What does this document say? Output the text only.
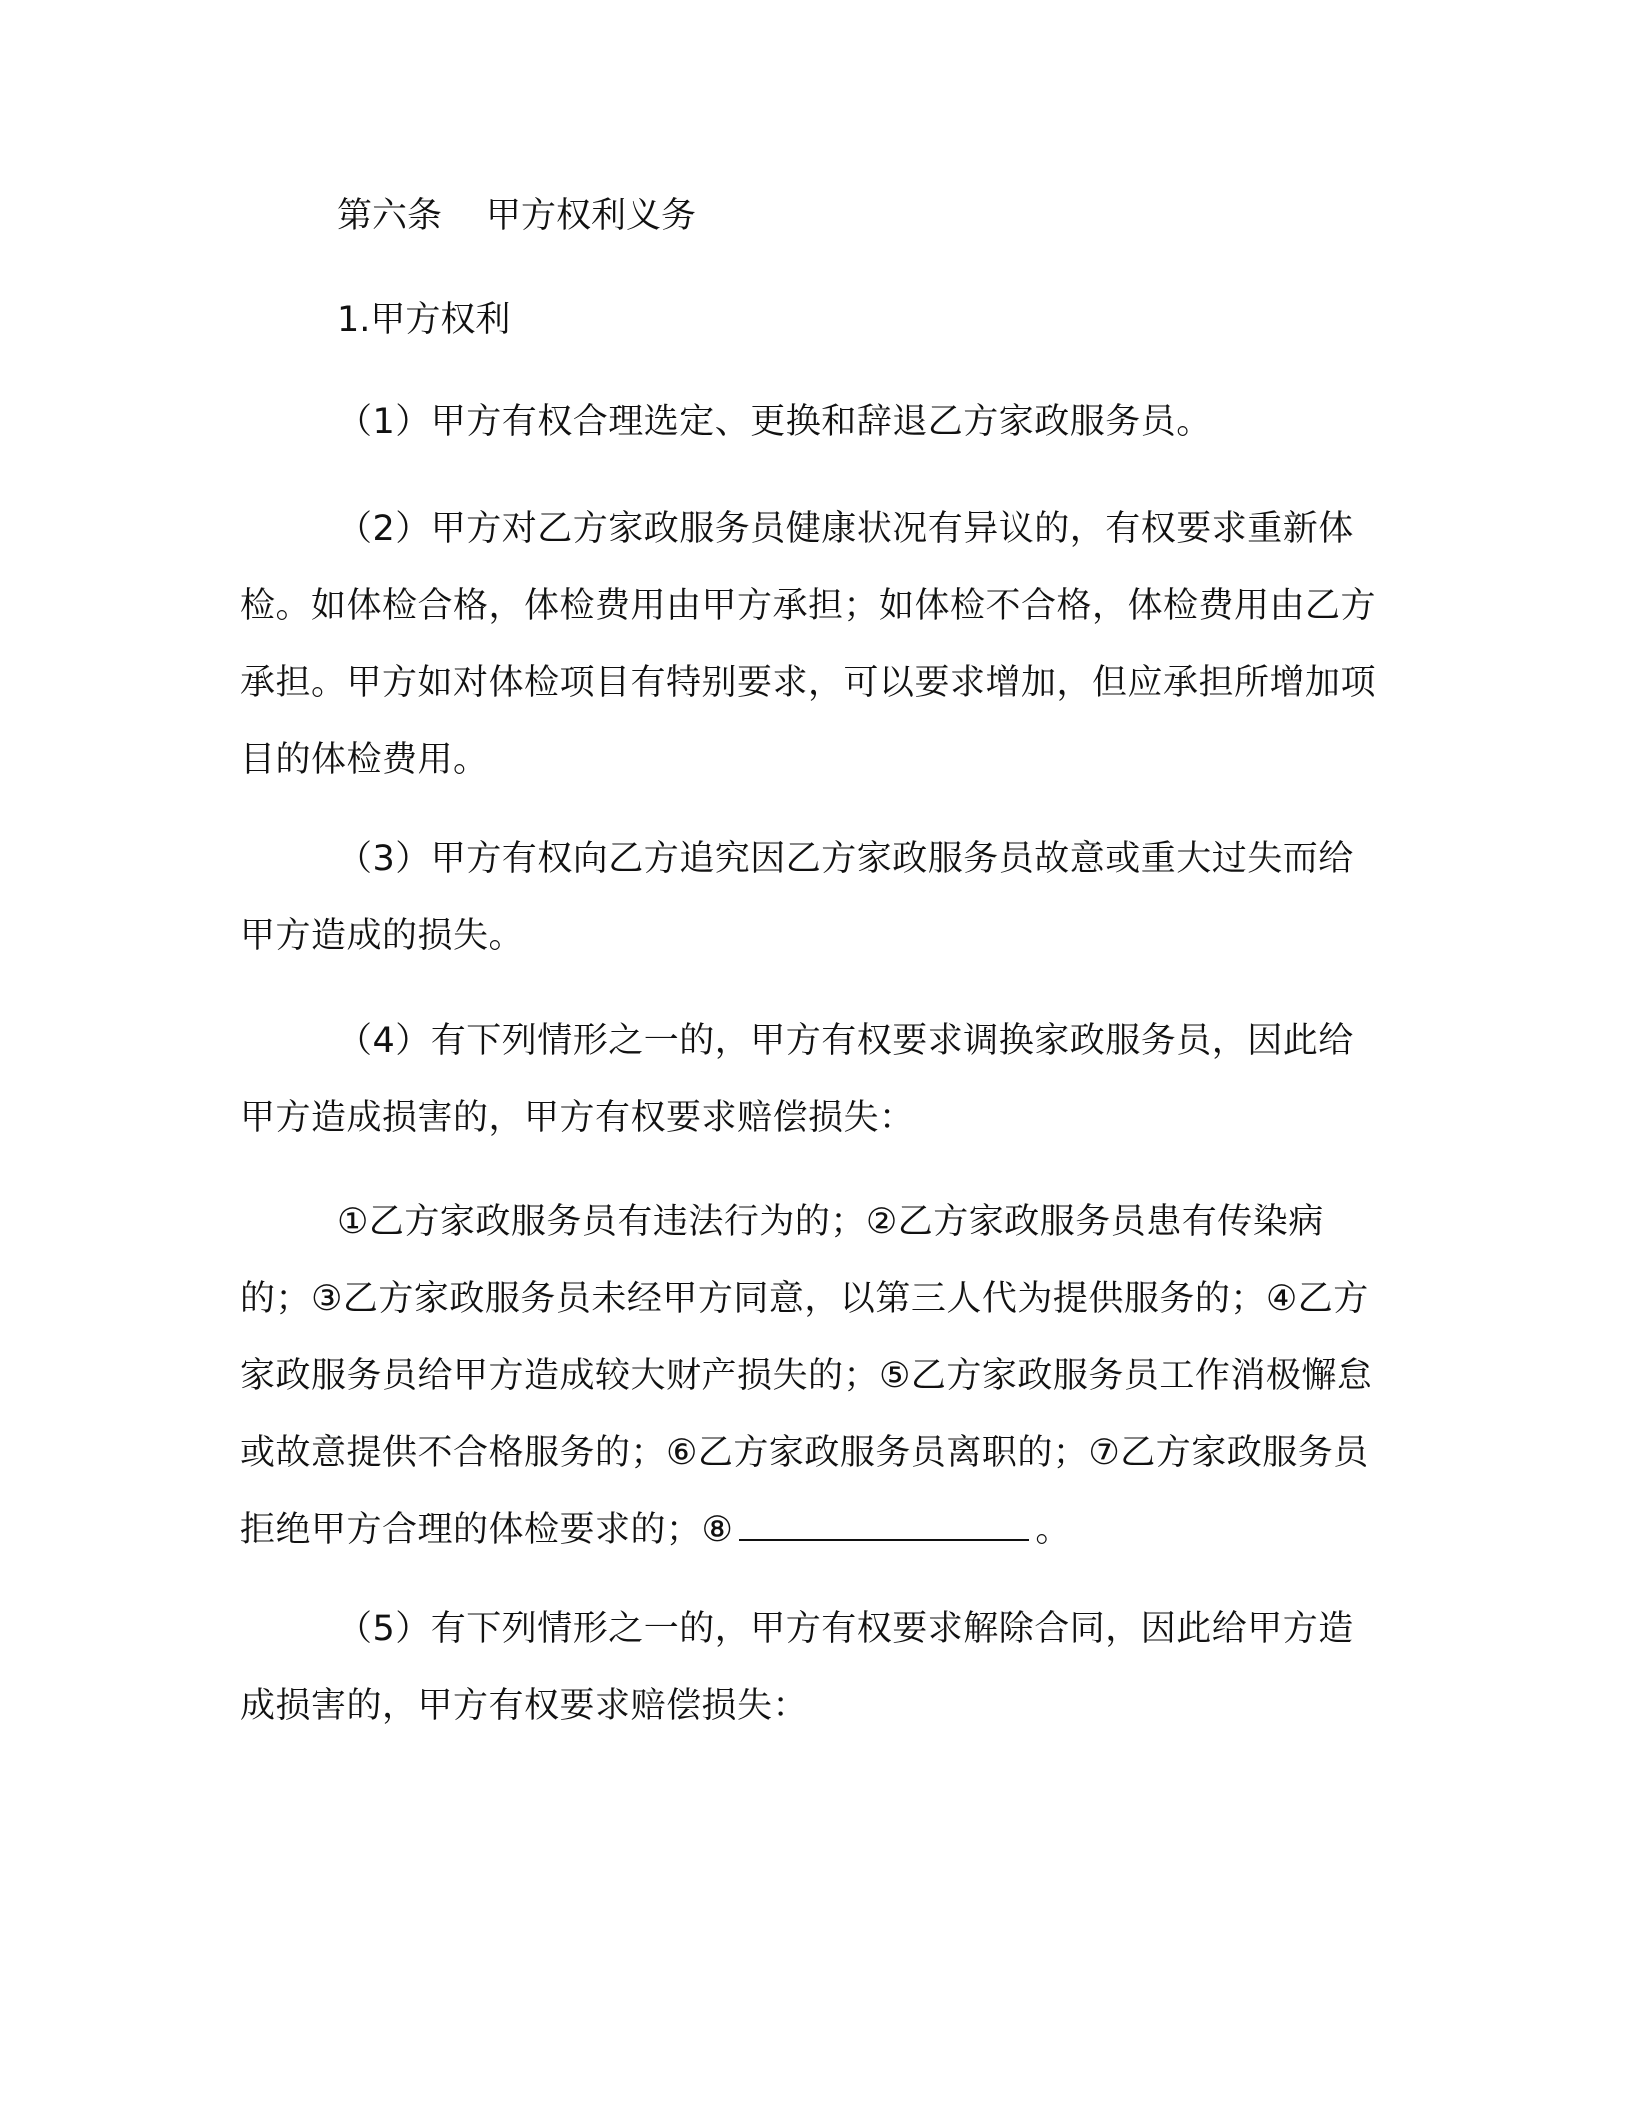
第六条 甲方权利义务
1.甲方权利
（1）甲方有权合理选定、更换和辞退乙方家政服务员。
（2）甲方对乙方家政服务员健康状况有异议的，有权要求重新体检。如体检合格，体检费用由甲方承担；如体检不合格，体检费用由乙方承担。甲方如对体检项目有特别要求，可以要求增加，但应承担所增加项目的体检费用。
（3）甲方有权向乙方追究因乙方家政服务员故意或重大过失而给甲方造成的损失。
（4）有下列情形之一的，甲方有权要求调换家政服务员，因此给甲方造成损害的，甲方有权要求赔偿损失：
①乙方家政服务员有违法行为的；②乙方家政服务员患有传染病的；③乙方家政服务员未经甲方同意，以第三人代为提供服务的；④乙方家政服务员给甲方造成较大财产损失的；⑤乙方家政服务员工作消极懈怠或故意提供不合格服务的；⑥乙方家政服务员离职的；⑦乙方家政服务员拒绝甲方合理的体检要求的；⑧	。
（5）有下列情形之一的，甲方有权要求解除合同，因此给甲方造成损害的，甲方有权要求赔偿损失：
